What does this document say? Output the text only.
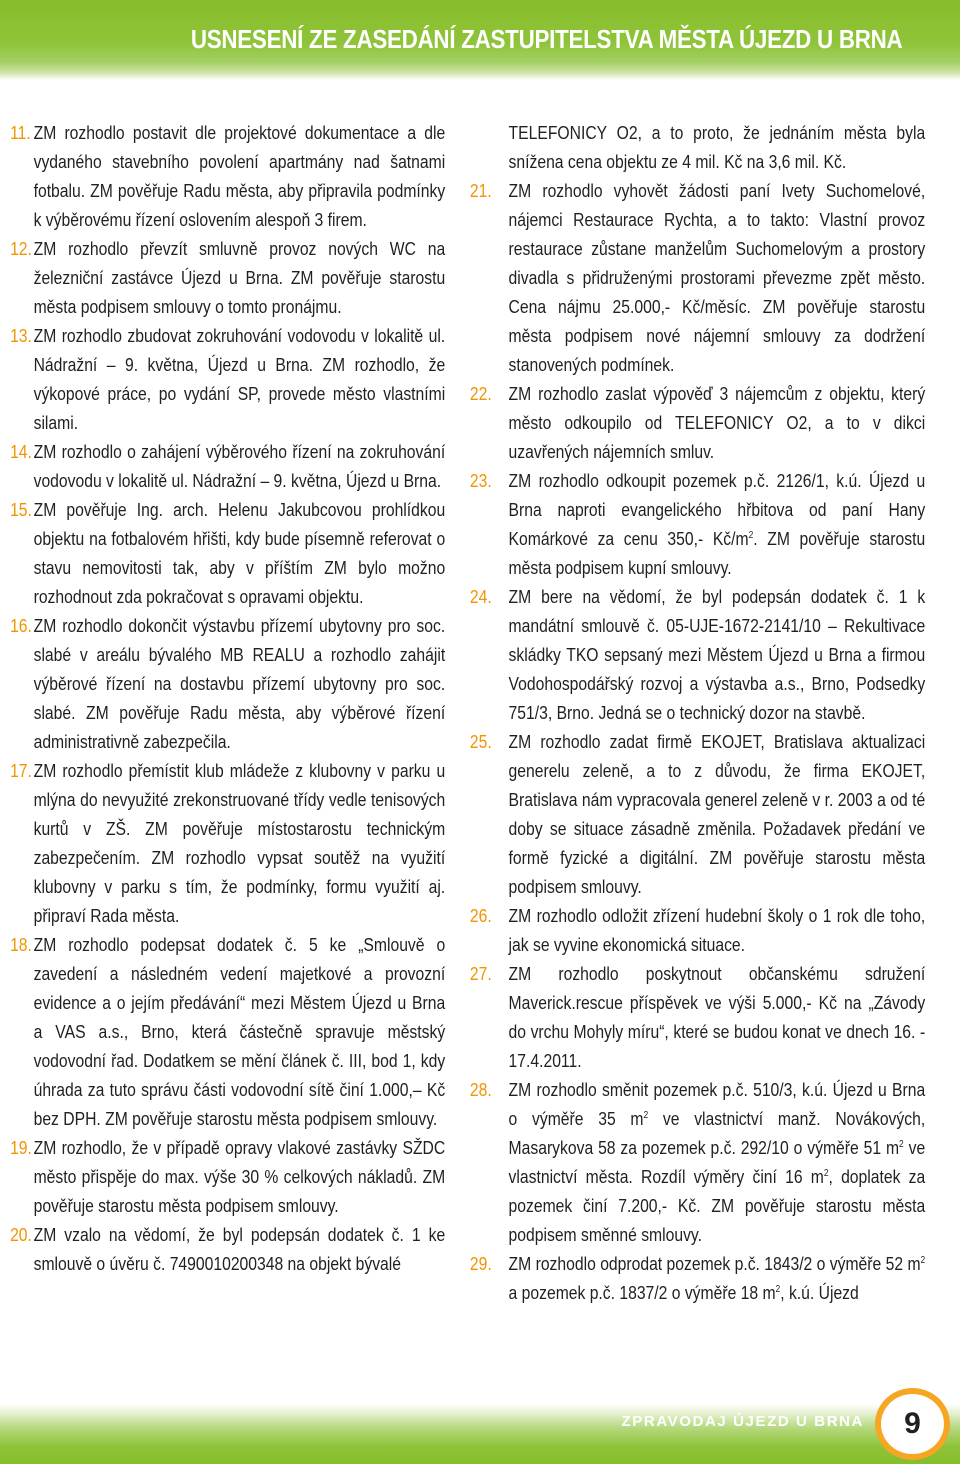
USNESENÍ ZE ZASEDÁNÍ ZASTUPITELSTVA MĚSTA ÚJEZD U BRNA

11. ZM rozhodlo postavit dle projektové dokumentace a dle vydaného stavebního povolení apartmány nad šatnami fotbalu. ZM pověřuje Radu města, aby připravila podmínky k výběrovému řízení oslovením alespoň 3 firem.

12. ZM rozhodlo převzít smluvně provoz nových WC na železniční zastávce Újezd u Brna. ZM pověřuje starostu města podpisem smlouvy o tomto pronájmu.

13. ZM rozhodlo zbudovat zokruhování vodovodu v lokalitě ul. Nádražní – 9. května, Újezd u Brna. ZM rozhodlo, že výkopové práce, po vydání SP, provede město vlastními silami.

14. ZM rozhodlo o zahájení výběrového řízení na zokruhování vodovodu v lokalitě ul. Nádražní – 9. května, Újezd u Brna.

15. ZM pověřuje Ing. arch. Helenu Jakubcovou prohlídkou objektu na fotbalovém hřišti, kdy bude písemně referovat o stavu nemovitosti tak, aby v příštím ZM bylo možno rozhodnout zda pokračovat s opravami objektu.

16. ZM rozhodlo dokončit výstavbu přízemí ubytovny pro soc. slabé v areálu bývalého MB REALU a rozhodlo zahájit výběrové řízení na dostavbu přízemí ubytovny pro soc. slabé. ZM pověřuje Radu města, aby výběrové řízení administrativně zabezpečila.

17. ZM rozhodlo přemístit klub mládeže z klubovny v parku u mlýna do nevyužité zrekonstruované třídy vedle tenisových kurtů v ZŠ. ZM pověřuje místostarostu technickým zabezpečením. ZM rozhodlo vypsat soutěž na využití klubovny v parku s tím, že podmínky, formu využití aj. připraví Rada města.

18. ZM rozhodlo podepsat dodatek č. 5 ke „Smlouvě o zavedení a následném vedení majetkové a provozní evidence a o jejím předávání“ mezi Městem Újezd u Brna a VAS a.s., Brno, která částečně spravuje městský vodovodní řad. Dodatkem se mění článek č. III, bod 1, kdy úhrada za tuto správu části vodovodní sítě činí 1.000,– Kč bez DPH. ZM pověřuje starostu města podpisem smlouvy.

19. ZM rozhodlo, že v případě opravy vlakové zastávky SŽDC město přispěje do max. výše 30 % celkových nákladů. ZM pověřuje starostu města podpisem smlouvy.

20. ZM vzalo na vědomí, že byl podepsán dodatek č. 1 ke smlouvě o úvěru č. 7490010200348 na objekt bývalé

TELEFONICY O2, a to proto, že jednáním města byla snížena cena objektu ze 4 mil. Kč na 3,6 mil. Kč.

21. ZM rozhodlo vyhovět žádosti paní Ivety Suchomelové, nájemci Restaurace Rychta, a to takto: Vlastní provoz restaurace zůstane manželům Suchomelovým a prostory divadla s přidruženými prostorami převezme zpět město. Cena nájmu 25.000,- Kč/měsíc. ZM pověřuje starostu města podpisem nové nájemní smlouvy za dodržení stanovených podmínek.

22. ZM rozhodlo zaslat výpověď 3 nájemcům z objektu, který město odkoupilo od TELEFONICY O2, a to v dikci uzavřených nájemních smluv.

23. ZM rozhodlo odkoupit pozemek p.č. 2126/1, k.ú. Újezd u Brna naproti evangelického hřbitova od paní Hany Komárkové za cenu 350,- $Kč/m^2$. ZM pověřuje starostu města podpisem kupní smlouvy.

24. ZM bere na vědomí, že byl podepsán dodatek č. 1 k mandátní smlouvě č. 05-UJE-1672-2141/10 – Rekultivace skládky TKO sepsaný mezi Městem Újezd u Brna a firmou Vodohospodářský rozvoj a výstavba a.s., Brno, Podsedky 751/3, Brno. Jedná se o technický dozor na stavbě.

25. ZM rozhodlo zadat firmě EKOJET, Bratislava aktualizaci generelu zeleně, a to z důvodu, že firma EKOJET, Bratislava nám vypracovala generel zeleně v r. 2003 a od té doby se situace zásadně změnila. Požadavek předání ve formě fyzické a digitální. ZM pověřuje starostu města podpisem smlouvy.

26. ZM rozhodlo odložit zřízení hudební školy o 1 rok dle toho, jak se vyvine ekonomická situace.

27. ZM rozhodlo poskytnout občanskému sdružení Maverick.rescue příspěvek ve výši 5.000,- Kč na „Závody do vrchu Mohyly míru“, které se budou konat ve dnech 16. - 17.4.2011.

28. ZM rozhodlo směnit pozemek p.č. 510/3, k.ú. Újezd u Brna o výměře 35 $m^2$ ve vlastnictví manž. Novákových, Masarykova 58 za pozemek p.č. 292/10 o výměře 51 $m^2$ ve vlastnictví města. Rozdíl výměry činí 16 $m^2$, doplatek za pozemek činí 7.200,- Kč. ZM pověřuje starostu města podpisem směnné smlouvy.

29. ZM rozhodlo odprodat pozemek p.č. 1843/2 o výměře 52 $m^2$ a pozemek p.č. 1837/2 o výměře 18 $m^2$, k.ú. Újezd

ZPRAVODAJ ÚJEZD U BRNA	9
